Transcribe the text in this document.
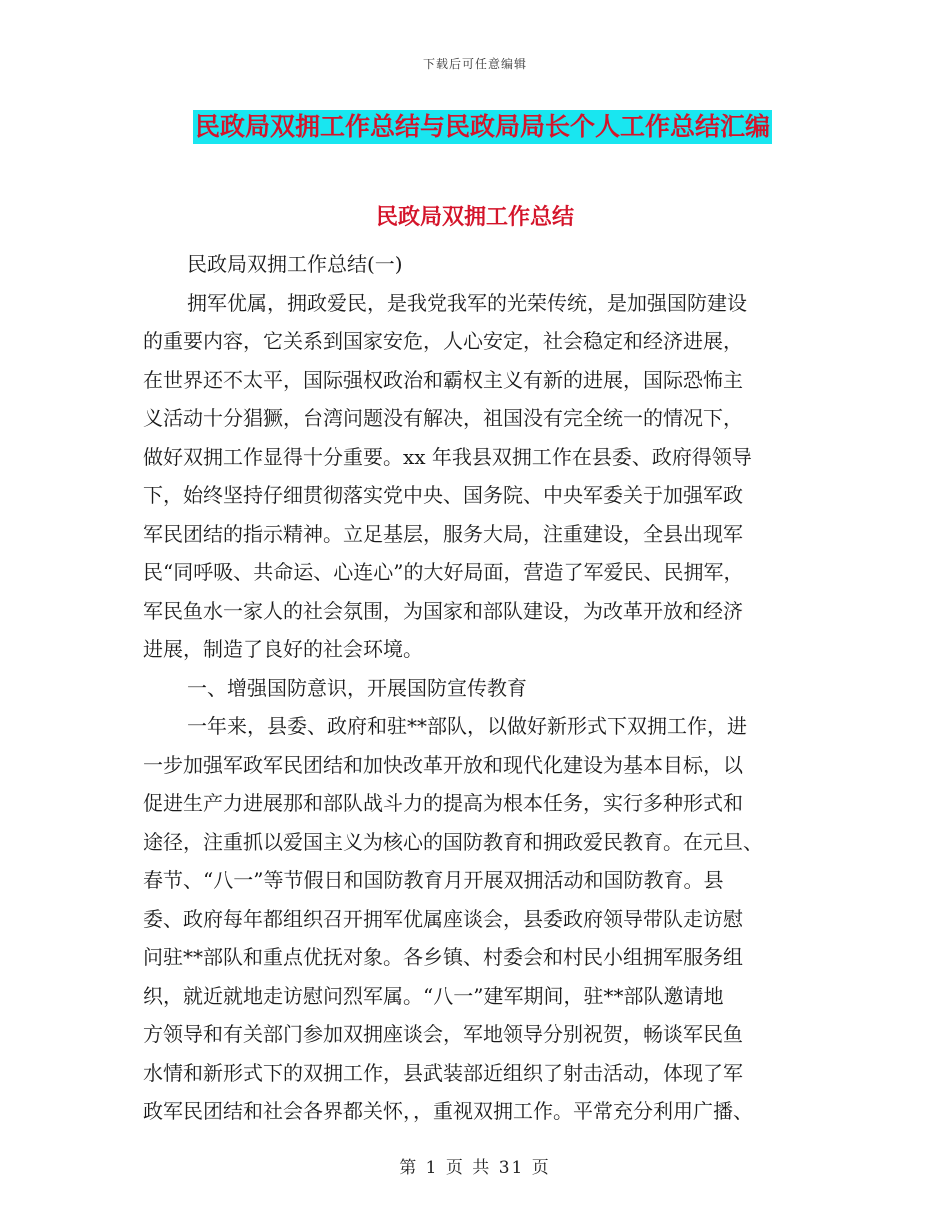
下载后可任意编辑
民政局双拥工作总结与民政局局长个人工作总结汇编
民政局双拥工作总结
民政局双拥工作总结(一)
拥军优属，拥政爱民，是我党我军的光荣传统，是加强国防建设
的重要内容，它关系到国家安危，人心安定，社会稳定和经济进展，
在世界还不太平，国际强权政治和霸权主义有新的进展，国际恐怖主
义活动十分猖獗，台湾问题没有解决，祖国没有完全统一的情况下，
做好双拥工作显得十分重要。xx 年我县双拥工作在县委、政府得领导
下，始终坚持仔细贯彻落实党中央、国务院、中央军委关于加强军政
军民团结的指示精神。立足基层，服务大局，注重建设，全县出现军
民“同呼吸、共命运、心连心”的大好局面，营造了军爱民、民拥军，
军民鱼水一家人的社会氛围，为国家和部队建设，为改革开放和经济
进展，制造了良好的社会环境。
一、增强国防意识，开展国防宣传教育
一年来，县委、政府和驻**部队，以做好新形式下双拥工作，进
一步加强军政军民团结和加快改革开放和现代化建设为基本目标，以
促进生产力进展那和部队战斗力的提高为根本任务，实行多种形式和
途径，注重抓以爱国主义为核心的国防教育和拥政爱民教育。在元旦、
春节、“八一”等节假日和国防教育月开展双拥活动和国防教育。县
委、政府每年都组织召开拥军优属座谈会，县委政府领导带队走访慰
问驻**部队和重点优抚对象。各乡镇、村委会和村民小组拥军服务组
织，就近就地走访慰问烈军属。“八一”建军期间，驻**部队邀请地
方领导和有关部门参加双拥座谈会，军地领导分别祝贺，畅谈军民鱼
水情和新形式下的双拥工作，县武装部近组织了射击活动，体现了军
政军民团结和社会各界都关怀，，重视双拥工作。平常充分利用广播、
第 1 页 共 31 页
